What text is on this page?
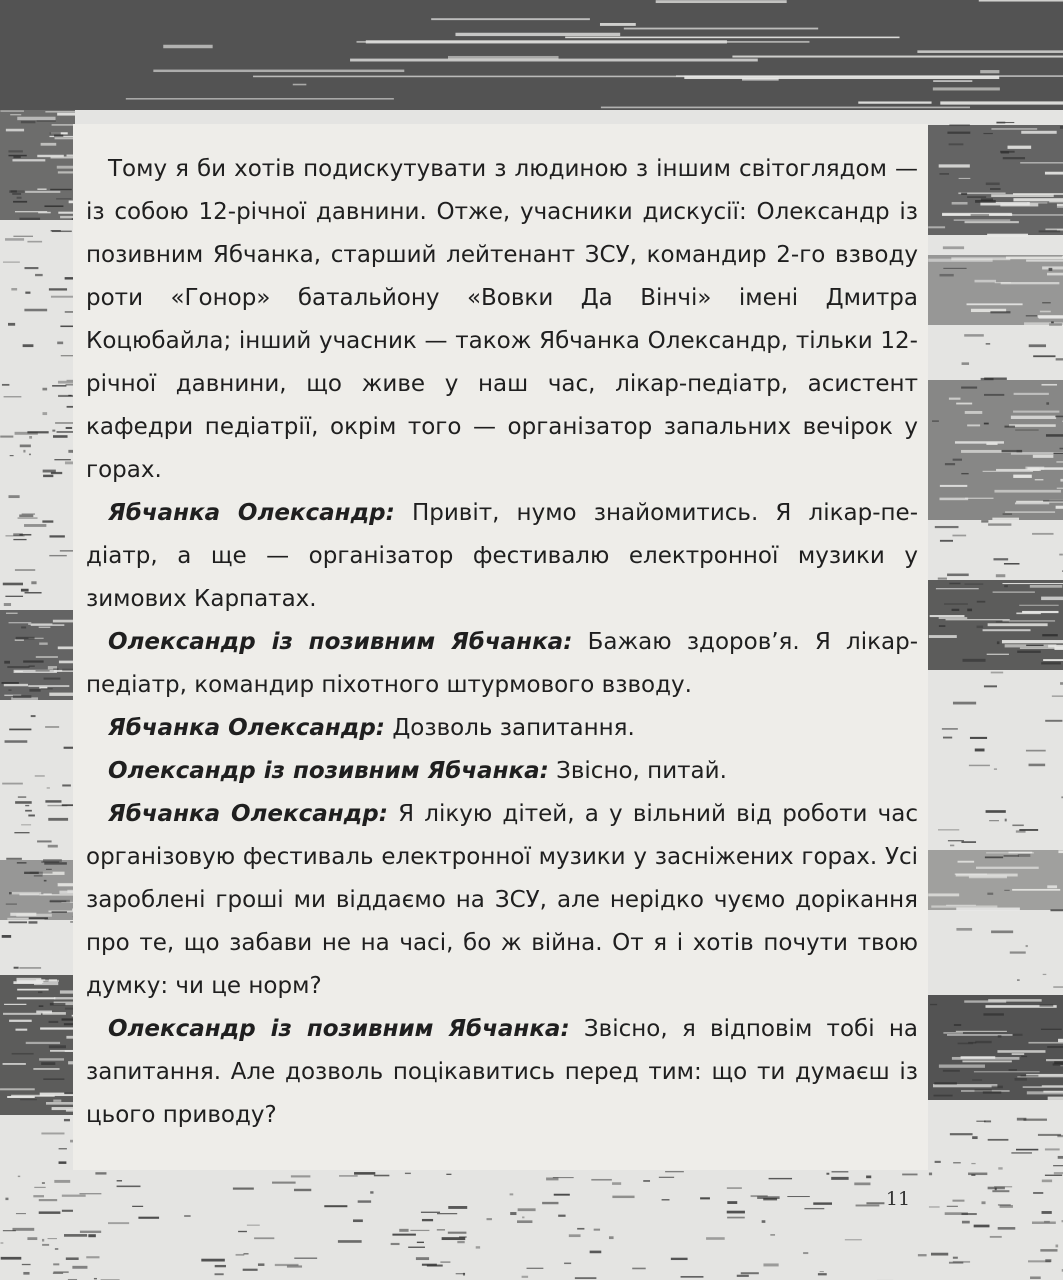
Тому я би хотів подискутувати з людиною з іншим світоглядом — із собою 12-річної давнини. Отже, учасники дискусії: Олександр із позивним Ябчанка, старший лейтенант ЗСУ, командир 2-го взводу роти «Гонор» батальйону «Вовки Да Вінчі» імені Дмитра Коцюбайла; інший учасник — також Ябчанка Олександр, тільки 12-річної давнини, що живе у наш час, лікар-педіатр, асистент кафедри педіатрії, окрім того — організатор запальних вечірок у горах.

Ябчанка Олександр: Привіт, нумо знайомитись. Я лікар-педіатр, а ще — організатор фестивалю електронної музики у зимових Карпатах.

Олександр із позивним Ябчанка: Бажаю здоров’я. Я лікар-педіатр, командир піхотного штурмового взводу.

Ябчанка Олександр: Дозволь запитання.

Олександр із позивним Ябчанка: Звісно, питай.

Ябчанка Олександр: Я лікую дітей, а у вільний від роботи час організовую фестиваль електронної музики у засніжених горах. Усі зароблені гроші ми віддаємо на ЗСУ, але нерідко чуємо дорікання про те, що забави не на часі, бо ж війна. От я і хотів почути твою думку: чи це норм?

Олександр із позивним Ябчанка: Звісно, я відповім тобі на запитання. Але дозволь поцікавитись перед тим: що ти думаєш із цього приводу?

11
